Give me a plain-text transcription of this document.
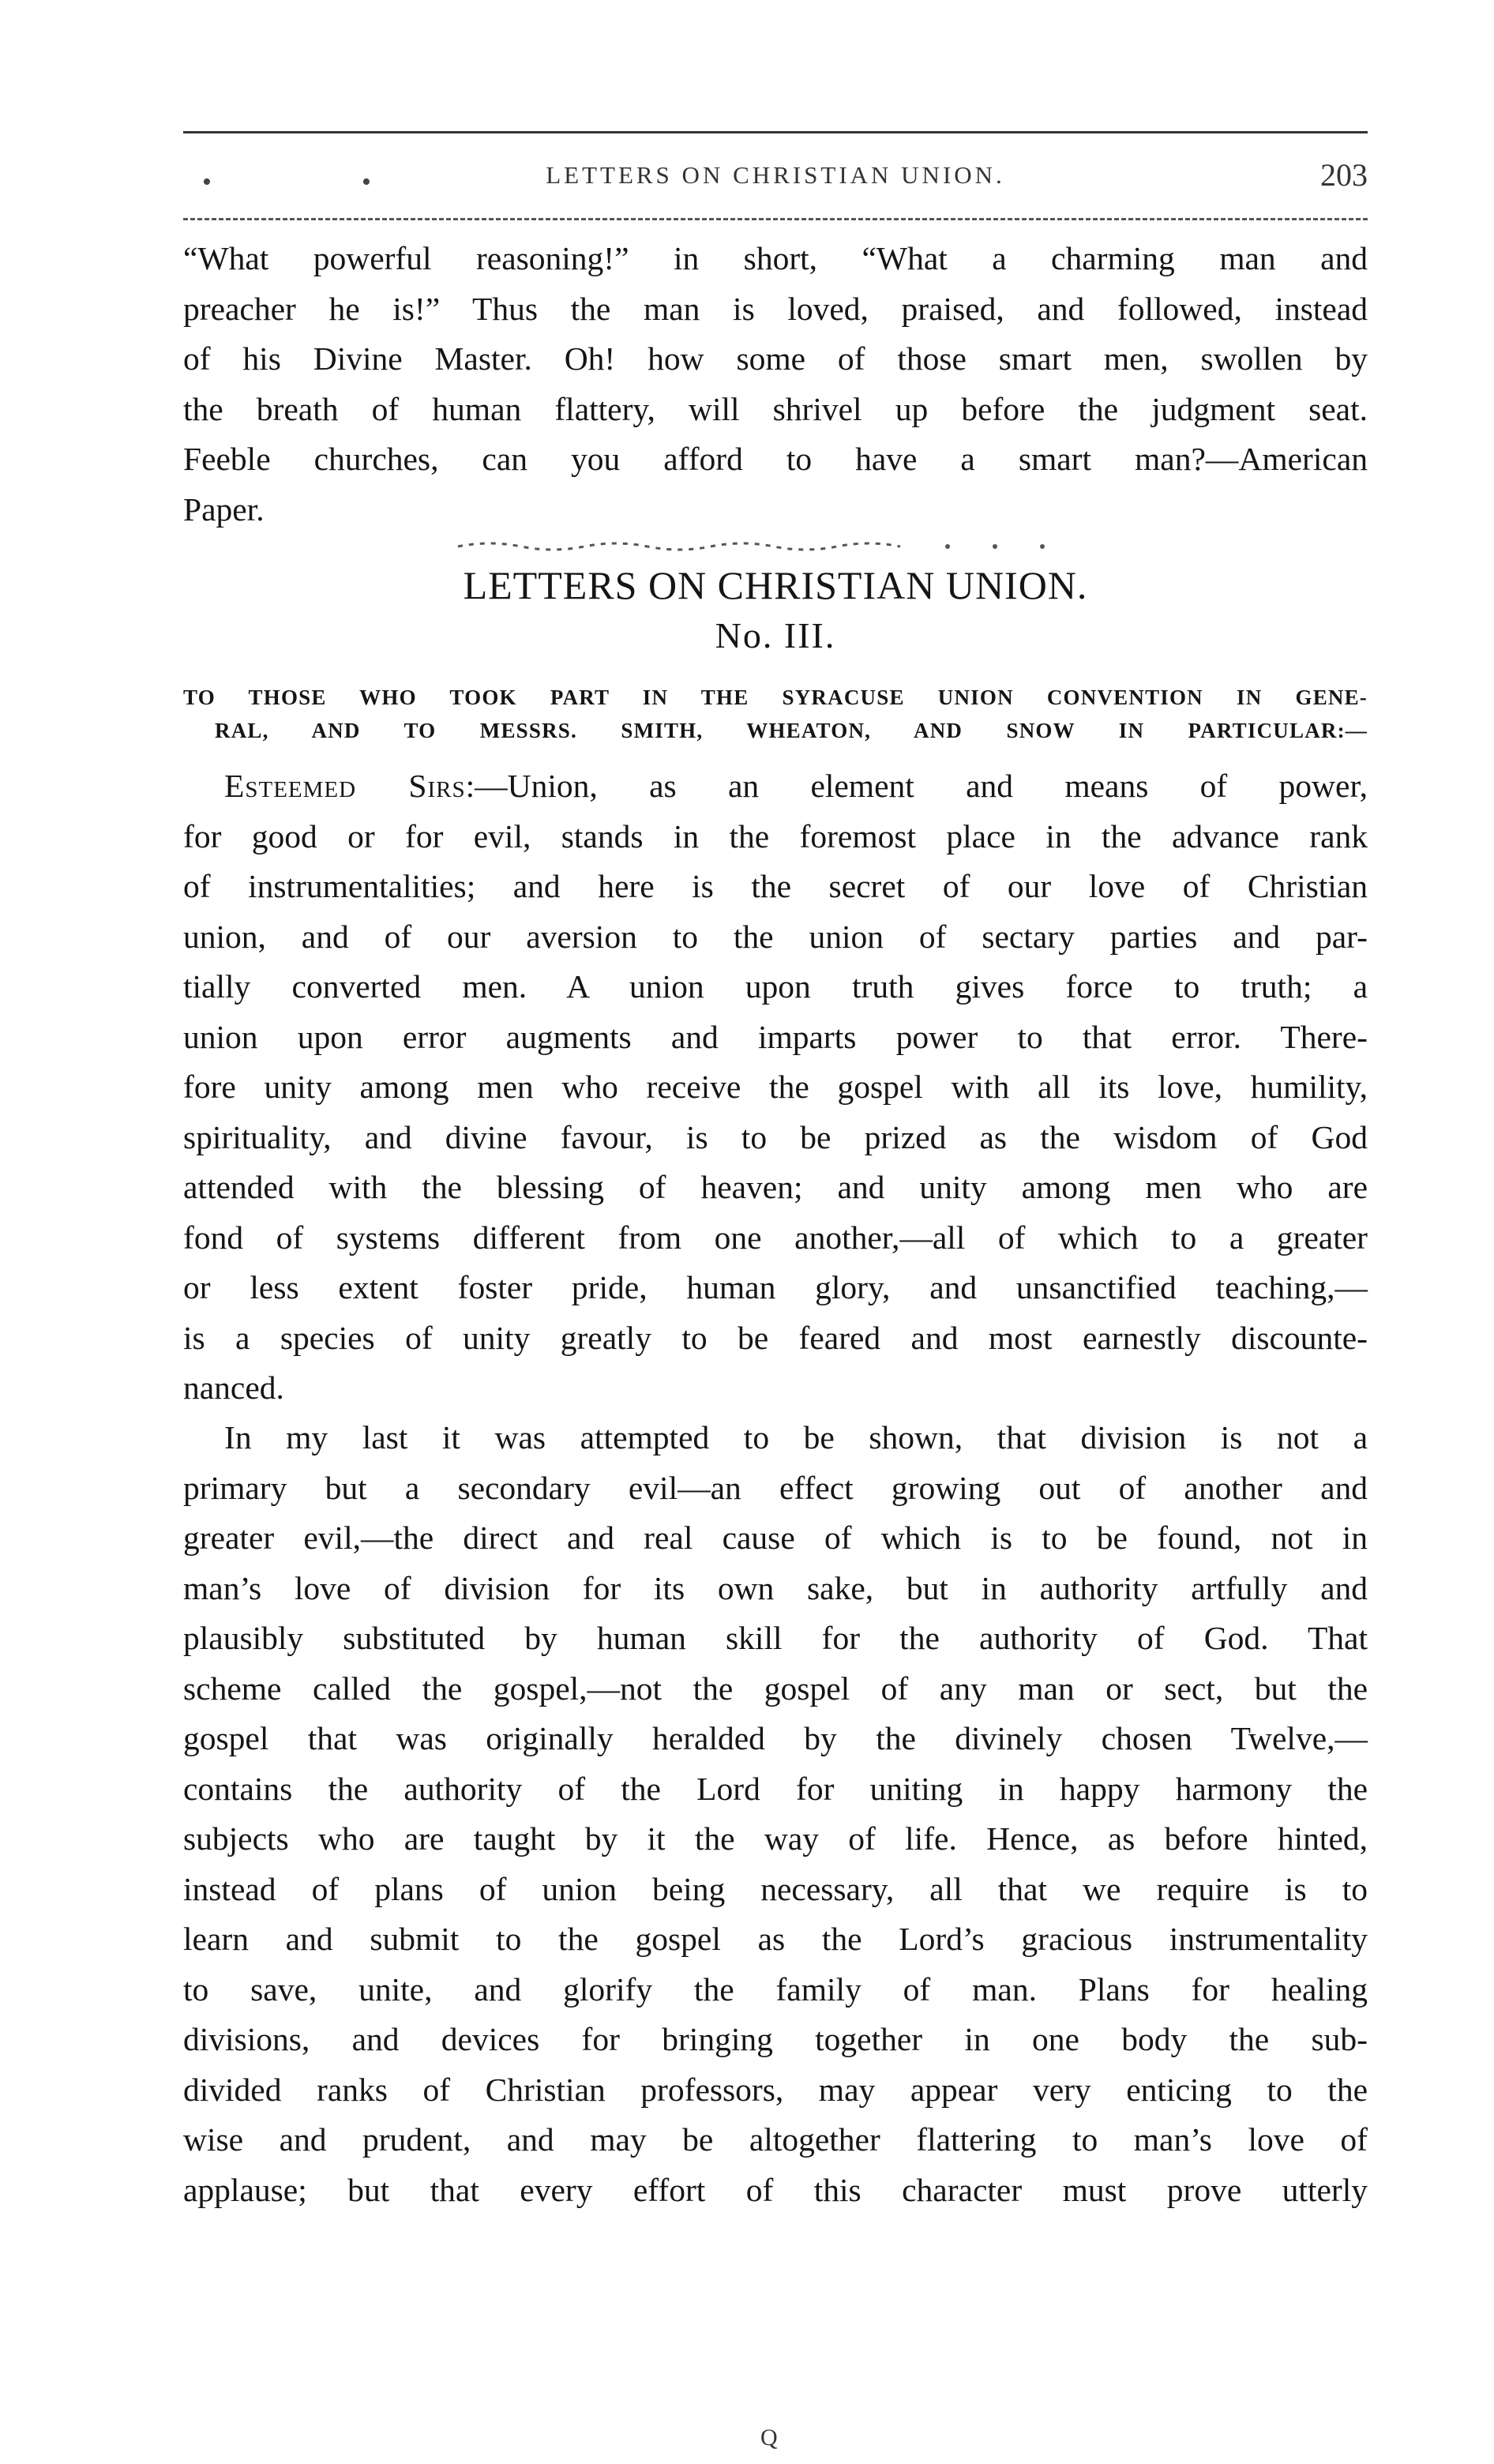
•	•	LETTERS ON CHRISTIAN UNION.	203
“What powerful reasoning!” in short, “What a charming man and
preacher he is!” Thus the man is loved, praised, and followed, instead
of his Divine Master. Oh! how some of those smart men, swollen by
the breath of human flattery, will shrivel up before the judgment seat.
Feeble churches, can you afford to have a smart man?—American
Paper.
LETTERS ON CHRISTIAN UNION.
No. III.
TO THOSE WHO TOOK PART IN THE SYRACUSE UNION CONVENTION IN GENE-
RAL, AND TO MESSRS. SMITH, WHEATON, AND SNOW IN PARTICULAR:—
Esteemed Sirs:—Union, as an element and means of power,
for good or for evil, stands in the foremost place in the advance rank
of instrumentalities; and here is the secret of our love of Christian
union, and of our aversion to the union of sectary parties and par-
tially converted men. A union upon truth gives force to truth; a
union upon error augments and imparts power to that error. There-
fore unity among men who receive the gospel with all its love, humility,
spirituality, and divine favour, is to be prized as the wisdom of God
attended with the blessing of heaven; and unity among men who are
fond of systems different from one another,—all of which to a greater
or less extent foster pride, human glory, and unsanctified teaching,—
is a species of unity greatly to be feared and most earnestly discounte-
nanced.
In my last it was attempted to be shown, that division is not a
primary but a secondary evil—an effect growing out of another and
greater evil,—the direct and real cause of which is to be found, not in
man’s love of division for its own sake, but in authority artfully and
plausibly substituted by human skill for the authority of God. That
scheme called the gospel,—not the gospel of any man or sect, but the
gospel that was originally heralded by the divinely chosen Twelve,—
contains the authority of the Lord for uniting in happy harmony the
subjects who are taught by it the way of life. Hence, as before hinted,
instead of plans of union being necessary, all that we require is to
learn and submit to the gospel as the Lord’s gracious instrumentality
to save, unite, and glorify the family of man. Plans for healing
divisions, and devices for bringing together in one body the sub-
divided ranks of Christian professors, may appear very enticing to the
wise and prudent, and may be altogether flattering to man’s love of
applause; but that every effort of this character must prove utterly
Q
